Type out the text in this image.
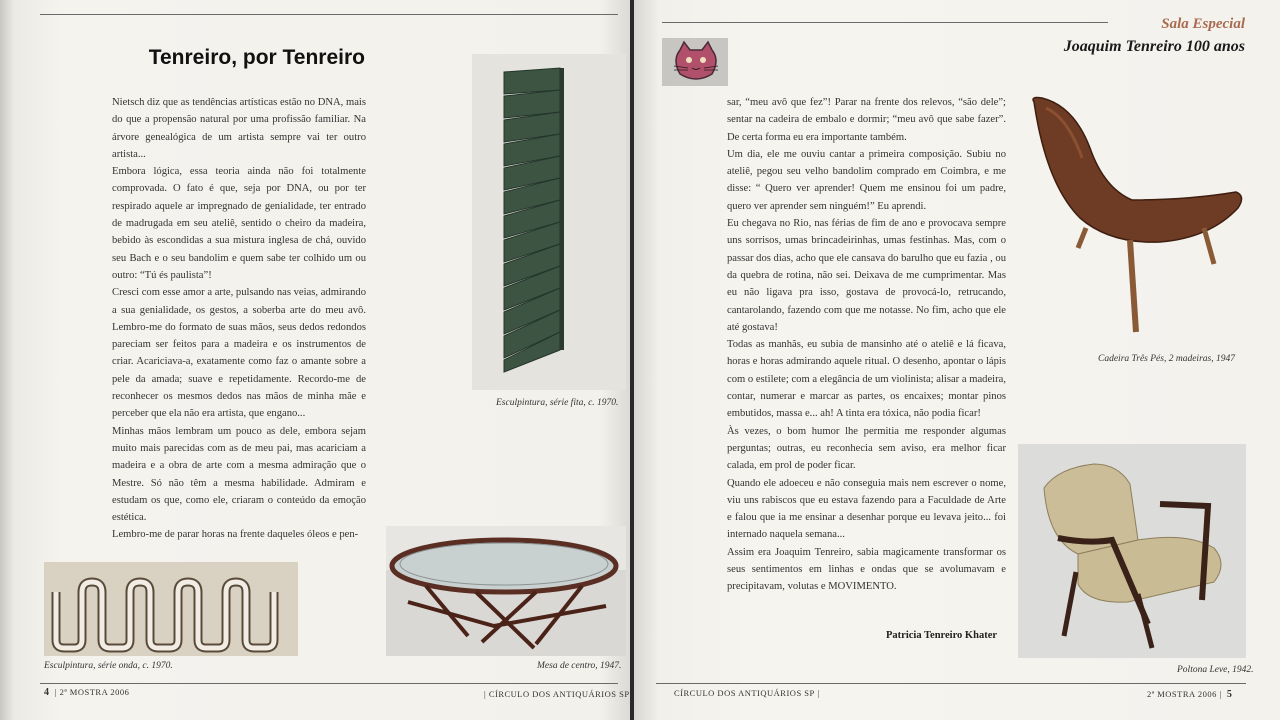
Tenreiro, por Tenreiro

Nietsch diz que as tendências artísticas estão no DNA, mais do que a propensão natural por uma profissão familiar. Na árvore genealógica de um artista sempre vai ter outro artista...

Embora lógica, essa teoria ainda não foi totalmente comprovada. O fato é que, seja por DNA, ou por ter respirado aquele ar impregnado de genialidade, ter entrado de madrugada em seu ateliê, sentido o cheiro da madeira, bebido às escondidas a sua mistura inglesa de chá, ouvido seu Bach e o seu bandolim e quem sabe ter colhido um ou outro: “Tú és paulista”!

Cresci com esse amor a arte, pulsando nas veias, admirando a sua genialidade, os gestos, a soberba arte do meu avô. Lembro-me do formato de suas mãos, seus dedos redondos pareciam ser feitos para a madeira e os instrumentos de criar. Acariciava-a, exatamente como faz o amante sobre a pele da amada; suave e repetidamente. Recordo-me de reconhecer os mesmos dedos nas mãos de minha mãe e perceber que ela não era artista, que engano...

Minhas mãos lembram um pouco as dele, embora sejam muito mais parecidas com as de meu pai, mas acariciam a madeira e a obra de arte com a mesma admiração que o Mestre. Só não têm a mesma habilidade. Admiram e estudam os que, como ele, criaram o conteúdo da emoção estética.

Lembro-me de parar horas na frente daqueles óleos e pen-

Esculpintura, série fita, c. 1970.
Esculpintura, série onda, c. 1970.	Mesa de centro, 1947.
4  | 2ª MOSTRA 2006	| CÍRCULO DOS ANTIQUÁRIOS SP
Sala Especial
Joaquim Tenreiro 100 anos

sar, “meu avô que fez”! Parar na frente dos relevos, “são dele”; sentar na cadeira de embalo e dormir; “meu avô que sabe fazer”. De certa forma eu era importante também.

Um dia, ele me ouviu cantar a primeira composição. Subiu no ateliê, pegou seu velho bandolim comprado em Coimbra, e me disse: “ Quero ver aprender! Quem me ensinou foi um padre, quero ver aprender sem ninguém!” Eu aprendi.

Eu chegava no Rio, nas férias de fim de ano e provocava sempre uns sorrisos, umas brincadeirinhas, umas festinhas. Mas, com o passar dos dias, acho que ele cansava do barulho que eu fazia , ou da quebra de rotina, não sei. Deixava de me cumprimentar. Mas eu não ligava pra isso, gostava de provocá-lo, retrucando, cantarolando, fazendo com que me notasse. No fim, acho que ele até gostava!

Todas as manhãs, eu subia de mansinho até o ateliê e lá ficava, horas e horas admirando aquele ritual. O desenho, apontar o lápis com o estilete; com a elegância de um violinista; alisar a madeira, contar, numerar e marcar as partes, os encaixes; montar pinos embutidos, massa e... ah! A tinta era tóxica, não podia ficar!

Às vezes, o bom humor lhe permitia me responder algumas perguntas; outras, eu reconhecia sem aviso, era melhor ficar calada, em prol de poder ficar.

Quando ele adoeceu e não conseguia mais nem escrever o nome, viu uns rabiscos que eu estava fazendo para a Faculdade de Arte e falou que ia me ensinar a desenhar porque eu levava jeito... foi internado naquela semana...

Assim era Joaquim Tenreiro, sabia magicamente transformar os seus sentimentos em linhas e ondas que se avolumavam e precipitavam, volutas e MOVIMENTO.

Patricia Tenreiro Khater
Cadeira Três Pés, 2 madeiras, 1947
Poltona Leve, 1942.
CÍRCULO DOS ANTIQUÁRIOS SP |	2ª MOSTRA 2006 |  5
